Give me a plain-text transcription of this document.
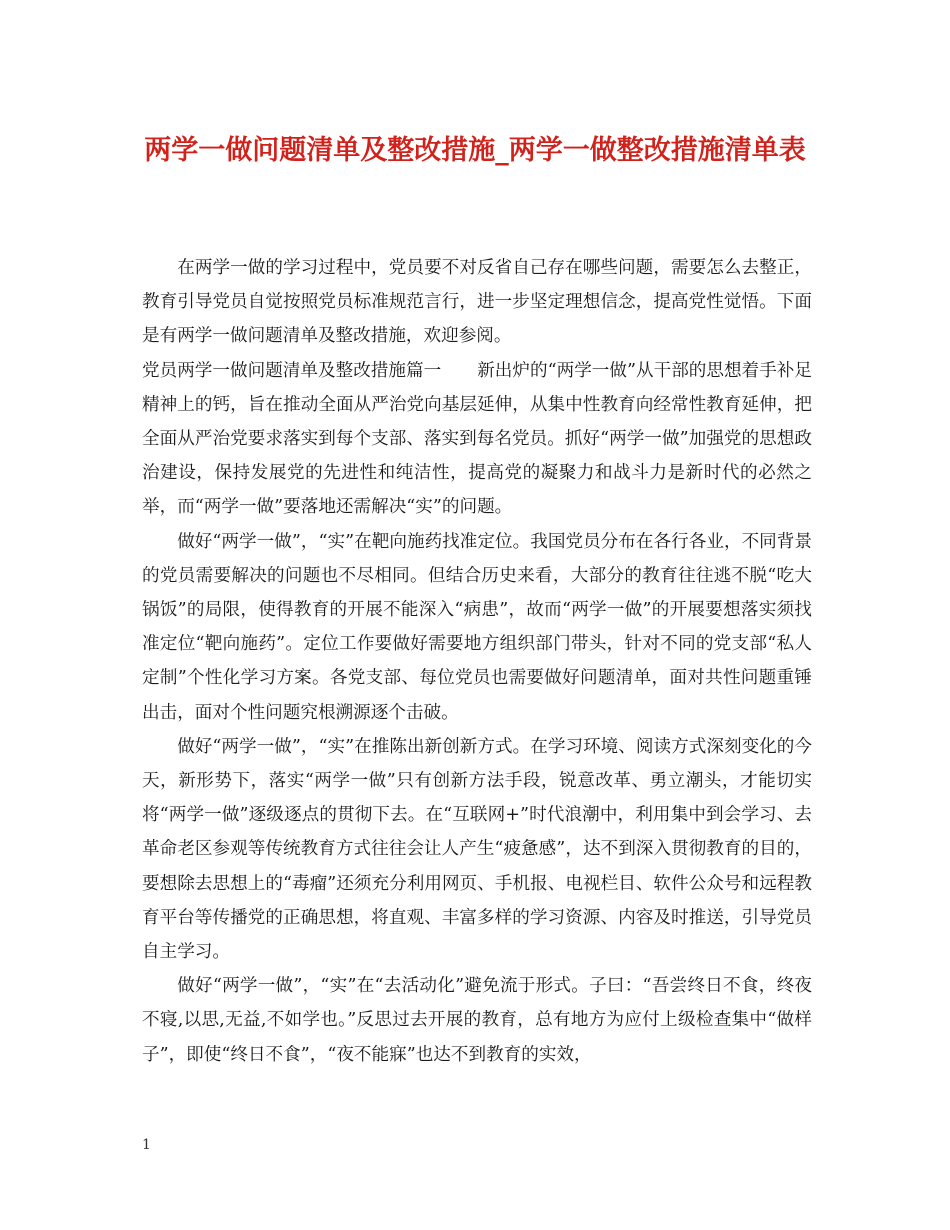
两学一做问题清单及整改措施_两学一做整改措施清单表

在两学一做的学习过程中，党员要不对反省自己存在哪些问题，需要怎么去整正，教育引导党员自觉按照党员标准规范言行，进一步坚定理想信念，提高党性觉悟。下面是有两学一做问题清单及整改措施，欢迎参阅。

党员两学一做问题清单及整改措施篇一 新出炉的“两学一做”从干部的思想着手补足精神上的钙，旨在推动全面从严治党向基层延伸，从集中性教育向经常性教育延伸，把全面从严治党要求落实到每个支部、落实到每名党员。抓好“两学一做”加强党的思想政治建设，保持发展党的先进性和纯洁性，提高党的凝聚力和战斗力是新时代的必然之举，而“两学一做”要落地还需解决“实”的问题。

做好“两学一做”，“实”在靶向施药找准定位。我国党员分布在各行各业，不同背景的党员需要解决的问题也不尽相同。但结合历史来看，大部分的教育往往逃不脱“吃大锅饭”的局限，使得教育的开展不能深入“病患”，故而“两学一做”的开展要想落实须找准定位“靶向施药”。定位工作要做好需要地方组织部门带头，针对不同的党支部“私人定制”个性化学习方案。各党支部、每位党员也需要做好问题清单，面对共性问题重锤出击，面对个性问题究根溯源逐个击破。

做好“两学一做”，“实”在推陈出新创新方式。在学习环境、阅读方式深刻变化的今天，新形势下，落实“两学一做”只有创新方法手段，锐意改革、勇立潮头，才能切实将“两学一做”逐级逐点的贯彻下去。在“互联网+”时代浪潮中，利用集中到会学习、去革命老区参观等传统教育方式往往会让人产生“疲惫感”，达不到深入贯彻教育的目的，要想除去思想上的“毒瘤”还须充分利用网页、手机报、电视栏目、软件公众号和远程教育平台等传播党的正确思想，将直观、丰富多样的学习资源、内容及时推送，引导党员自主学习。

做好“两学一做”，“实”在“去活动化”避免流于形式。子曰：“吾尝终日不食，终夜不寝,以思,无益,不如学也。”反思过去开展的教育，总有地方为应付上级检查集中“做样子”，即使“终日不食”，“夜不能寐”也达不到教育的实效，

1
